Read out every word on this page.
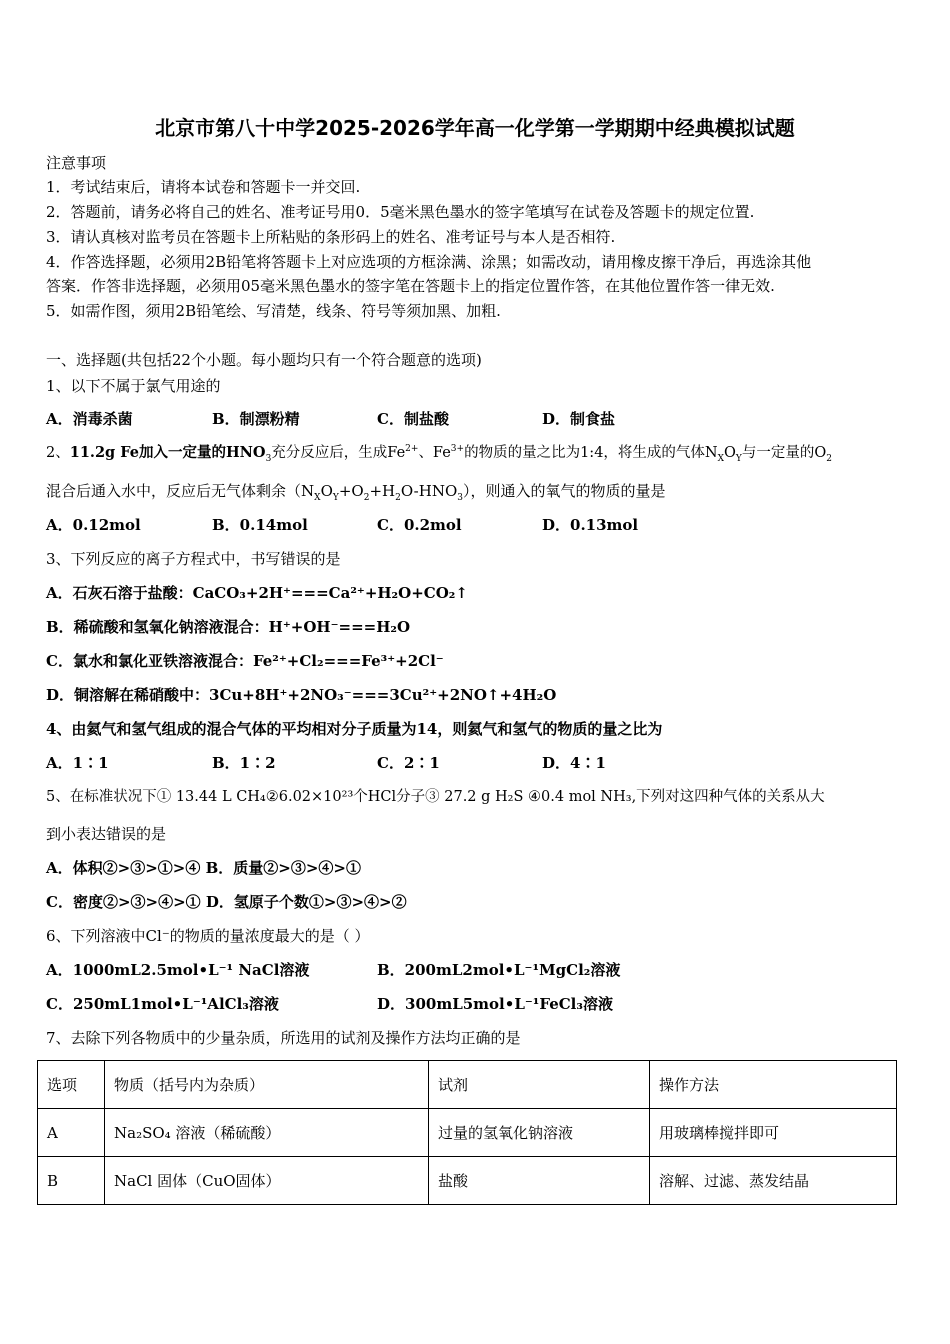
北京市第八十中学2025-2026学年高一化学第一学期期中经典模拟试题
注意事项
1．考试结束后，请将本试卷和答题卡一并交回.
2．答题前，请务必将自己的姓名、准考证号用0．5毫米黑色墨水的签字笔填写在试卷及答题卡的规定位置.
3．请认真核对监考员在答题卡上所粘贴的条形码上的姓名、准考证号与本人是否相符.
4．作答选择题，必须用2B铅笔将答题卡上对应选项的方框涂满、涂黑；如需改动，请用橡皮擦干净后，再选涂其他
答案．作答非选择题，必须用05毫米黑色墨水的签字笔在答题卡上的指定位置作答，在其他位置作答一律无效.
5．如需作图，须用2B铅笔绘、写清楚，线条、符号等须加黑、加粗.
一、选择题(共包括22个小题。每小题均只有一个符合题意的选项)
1、以下不属于氯气用途的
A．消毒杀菌	B．制漂粉精	C．制盐酸	D．制食盐
2、11.2g Fe加入一定量的$HNO_3$充分反应后，生成$Fe^{2+}$、$Fe^{3+}$的物质的量之比为1:4，将生成的气体$N_XO_Y$与一定量的$O_2$
混合后通入水中，反应后无气体剩余$(N_XO_Y+O_2+H_2O-HNO_3)$，则通入的氧气的物质的量是
A．0.12mol	B．0.14mol	C．0.2mol	D．0.13mol
3、下列反应的离子方程式中，书写错误的是
A．石灰石溶于盐酸：CaCO₃+2H⁺===Ca²⁺+H₂O+CO₂↑
B．稀硫酸和氢氧化钠溶液混合：H⁺+OH⁻===H₂O
C．氯水和氯化亚铁溶液混合：Fe²⁺+Cl₂===Fe³⁺+2Cl⁻
D．铜溶解在稀硝酸中：3Cu+8H⁺+2NO₃⁻===3Cu²⁺+2NO↑+4H₂O
4、由氦气和氢气组成的混合气体的平均相对分子质量为14，则氦气和氢气的物质的量之比为
A．1∶1	B．1∶2	C．2∶1	D．4∶1
5、在标准状况下① 13.44 L CH₄②6.02×10²³个HCl分子③ 27.2 g H₂S ④0.4 mol NH₃,下列对这四种气体的关系从大
到小表达错误的是
A．体积②>③>①>④ B．质量②>③>④>①
C．密度②>③>④>① D．氢原子个数①>③>④>②
6、下列溶液中Cl⁻的物质的量浓度最大的是（ ）
A．1000mL2.5mol•L⁻¹ NaCl溶液	B．200mL2mol•L⁻¹MgCl₂溶液
C．250mL1mol•L⁻¹AlCl₃溶液	D．300mL5mol•L⁻¹FeCl₃溶液
7、去除下列各物质中的少量杂质，所选用的试剂及操作方法均正确的是
选项	物质（括号内为杂质）	试剂	操作方法
A	Na₂SO₄ 溶液（稀硫酸）	过量的氢氧化钠溶液	用玻璃棒搅拌即可
B	NaCl 固体（CuO固体）	盐酸	溶解、过滤、蒸发结晶
